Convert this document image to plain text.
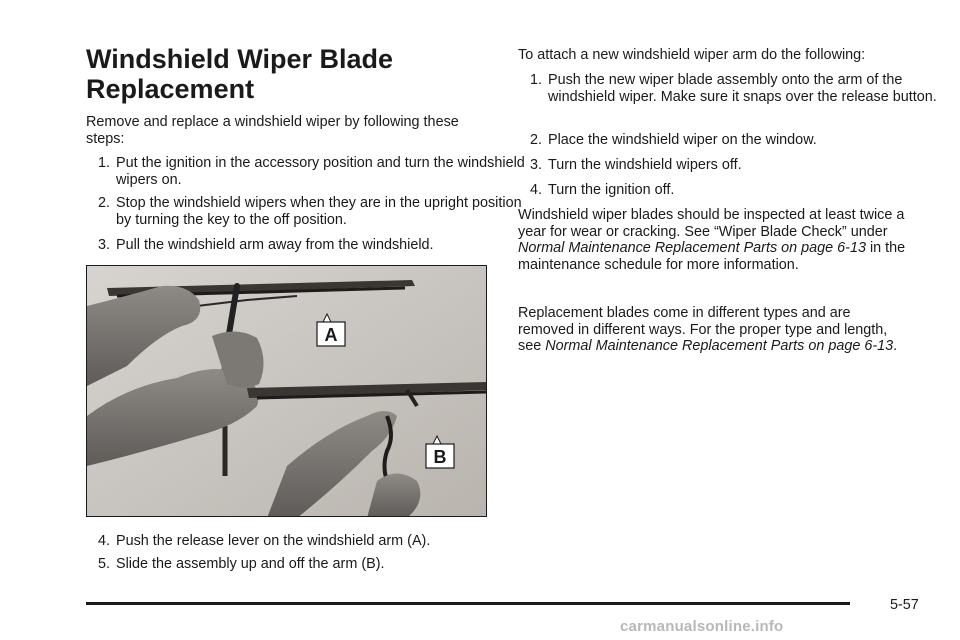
Windshield Wiper Blade
Replacement

Remove and replace a windshield wiper by following these steps:

1. Put the ignition in the accessory position and turn the windshield wipers on.
2. Stop the windshield wipers when they are in the upright position by turning the key to the off position.
3. Pull the windshield arm away from the windshield.
A
B
4. Push the release lever on the windshield arm (A).
5. Slide the assembly up and off the arm (B).

To attach a new windshield wiper arm do the following:

1. Push the new wiper blade assembly onto the arm of the windshield wiper. Make sure it snaps over the release button.
2. Place the windshield wiper on the window.
3. Turn the windshield wipers off.
4. Turn the ignition off.

Windshield wiper blades should be inspected at least twice a year for wear or cracking. See “Wiper Blade Check” under Normal Maintenance Replacement Parts on page 6-13 in the maintenance schedule for more information.

Replacement blades come in different types and are removed in different ways. For the proper type and length, see Normal Maintenance Replacement Parts on page 6-13.

5-57
carmanualsonline.info
